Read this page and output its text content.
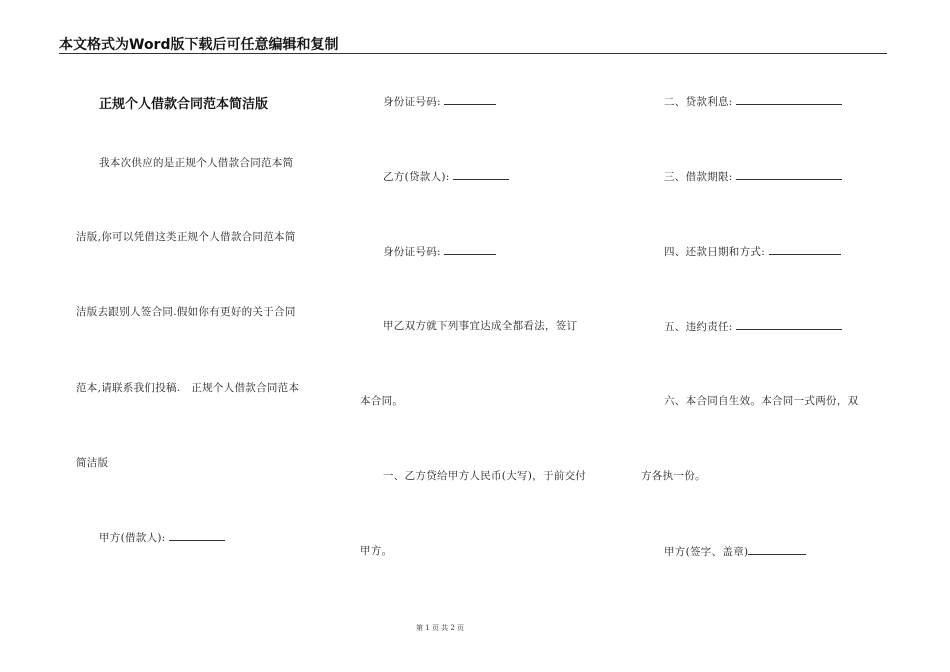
本文格式为Word版下载后可任意编辑和复制
正规个人借款合同范本简洁版
我本次供应的是正规个人借款合同范本简
洁版,你可以凭借这类正规个人借款合同范本简
洁版去跟别人签合同.假如你有更好的关于合同
范本,请联系我们投稿.　正规个人借款合同范本
简洁版
甲方(借款人):
身份证号码:
乙方(贷款人):
身份证号码:
甲乙双方就下列事宜达成全都看法，签订
本合同。
一、乙方贷给甲方人民币(大写)，于前交付
甲方。
二、贷款利息:
三、借款期限:
四、还款日期和方式:
五、违约责任:
六、本合同自生效。本合同一式两份，双
方各执一份。
甲方(签字、盖章)
第 1 页 共 2 页
